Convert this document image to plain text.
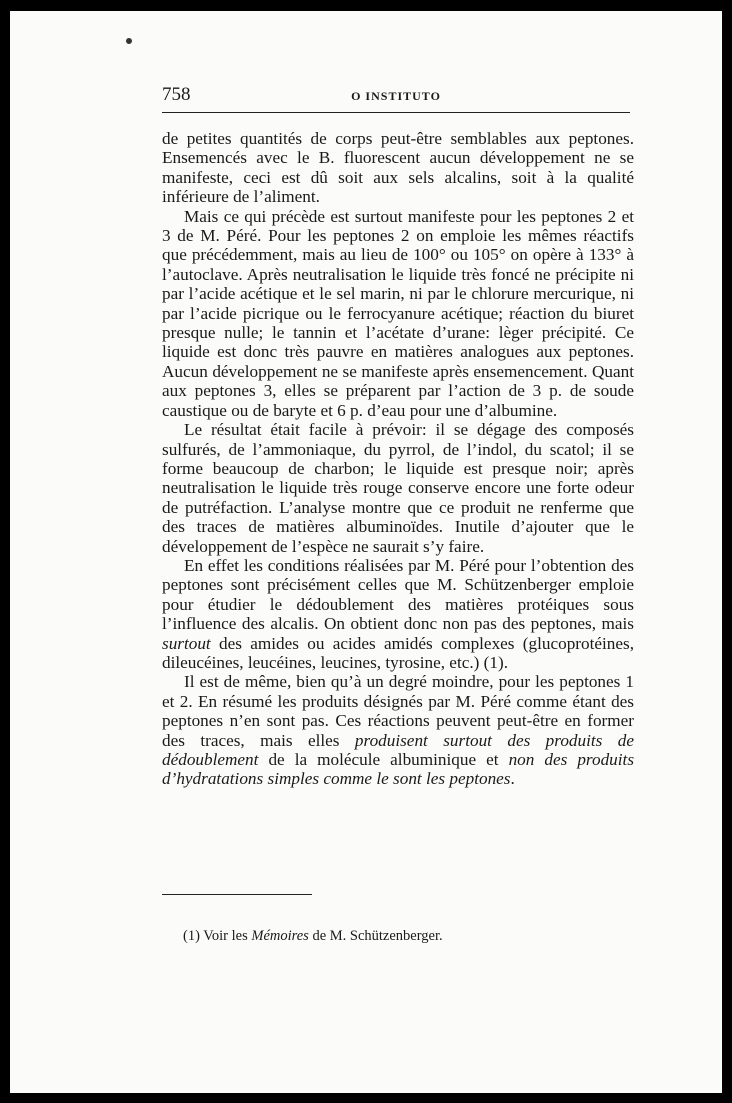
758	O INSTITUTO

de petites quantités de corps peut-être semblables aux peptones. Ensemencés avec le B. fluorescent aucun développement ne se manifeste, ceci est dû soit aux sels alcalins, soit à la qualité inférieure de l’aliment.

Mais ce qui précède est surtout manifeste pour les peptones 2 et 3 de M. Péré. Pour les peptones 2 on emploie les mêmes réactifs que précédemment, mais au lieu de 100° ou 105° on opère à 133° à l’autoclave. Après neutralisation le liquide très foncé ne précipite ni par l’acide acétique et le sel marin, ni par le chlorure mercurique, ni par l’acide picrique ou le ferrocyanure acétique; réaction du biuret presque nulle; le tannin et l’acétate d’urane: lèger précipité. Ce liquide est donc très pauvre en matières analogues aux peptones. Aucun développement ne se manifeste après ensemencement. Quant aux peptones 3, elles se préparent par l’action de 3 p. de soude caustique ou de baryte et 6 p. d’eau pour une d’albumine.

Le résultat était facile à prévoir: il se dégage des composés sulfurés, de l’ammoniaque, du pyrrol, de l’indol, du scatol; il se forme beaucoup de charbon; le liquide est presque noir; après neutralisation le liquide très rouge conserve encore une forte odeur de putréfaction. L’analyse montre que ce produit ne renferme que des traces de matières albuminoïdes. Inutile d’ajouter que le développement de l’espèce ne saurait s’y faire.

En effet les conditions réalisées par M. Péré pour l’obtention des peptones sont précisément celles que M. Schützenberger emploie pour étudier le dédoublement des matières protéiques sous l’influence des alcalis. On obtient donc non pas des peptones, mais surtout des amides ou acides amidés complexes (glucoprotéines, dileucéines, leucéines, leucines, tyrosine, etc.) (1).

Il est de même, bien qu’à un degré moindre, pour les peptones 1 et 2. En résumé les produits désignés par M. Péré comme étant des peptones n’en sont pas. Ces réactions peuvent peut-être en former des traces, mais elles produisent surtout des produits de dédoublement de la molécule albuminique et non des produits d’hydratations simples comme le sont les peptones.

(1) Voir les Mémoires de M. Schützenberger.
